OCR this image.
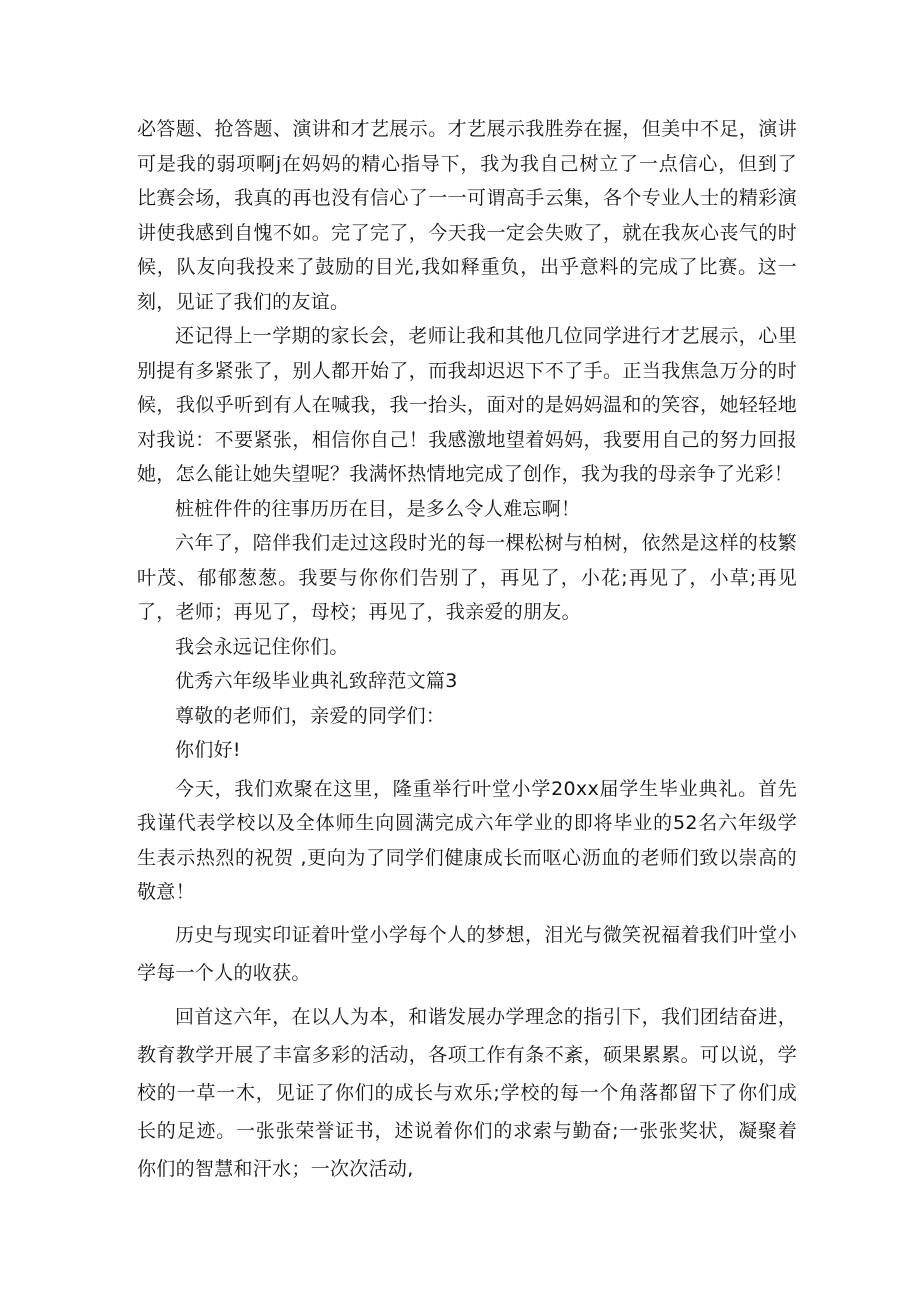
必答题、抢答题、演讲和才艺展示。才艺展示我胜券在握，但美中不足，演讲可是我的弱项啊j在妈妈的精心指导下，我为我自己树立了一点信心，但到了比赛会场，我真的再也没有信心了一一可谓高手云集，各个专业人士的精彩演讲使我感到自愧不如。完了完了，今天我一定会失败了，就在我灰心丧气的时候，队友向我投来了鼓励的目光,我如释重负，出乎意料的完成了比赛。这一刻，见证了我们的友谊。

还记得上一学期的家长会，老师让我和其他几位同学进行才艺展示，心里别提有多紧张了，别人都开始了，而我却迟迟下不了手。正当我焦急万分的时候，我似乎听到有人在喊我，我一抬头，面对的是妈妈温和的笑容，她轻轻地对我说：不要紧张，相信你自己！我感激地望着妈妈，我要用自己的努力回报她，怎么能让她失望呢？我满怀热情地完成了创作，我为我的母亲争了光彩！

桩桩件件的往事历历在目，是多么令人难忘啊！

六年了，陪伴我们走过这段时光的每一棵松树与柏树，依然是这样的枝繁叶茂、郁郁葱葱。我要与你你们告别了，再见了，小花;再见了，小草;再见了，老师；再见了，母校；再见了，我亲爱的朋友。

我会永远记住你们。

优秀六年级毕业典礼致辞范文篇3

尊敬的老师们，亲爱的同学们：

你们好!

今天，我们欢聚在这里，隆重举行叶堂小学20xx届学生毕业典礼。首先我谨代表学校以及全体师生向圆满完成六年学业的即将毕业的52名六年级学生表示热烈的祝贺 ,更向为了同学们健康成长而呕心沥血的老师们致以崇高的敬意！

历史与现实印证着叶堂小学每个人的梦想，泪光与微笑祝福着我们叶堂小学每一个人的收获。

回首这六年，在以人为本，和谐发展办学理念的指引下，我们团结奋进，教育教学开展了丰富多彩的活动，各项工作有条不紊，硕果累累。可以说，学校的一草一木，见证了你们的成长与欢乐;学校的每一个角落都留下了你们成长的足迹。一张张荣誉证书，述说着你们的求索与勤奋;一张张奖状，凝聚着你们的智慧和汗水；一次次活动,
